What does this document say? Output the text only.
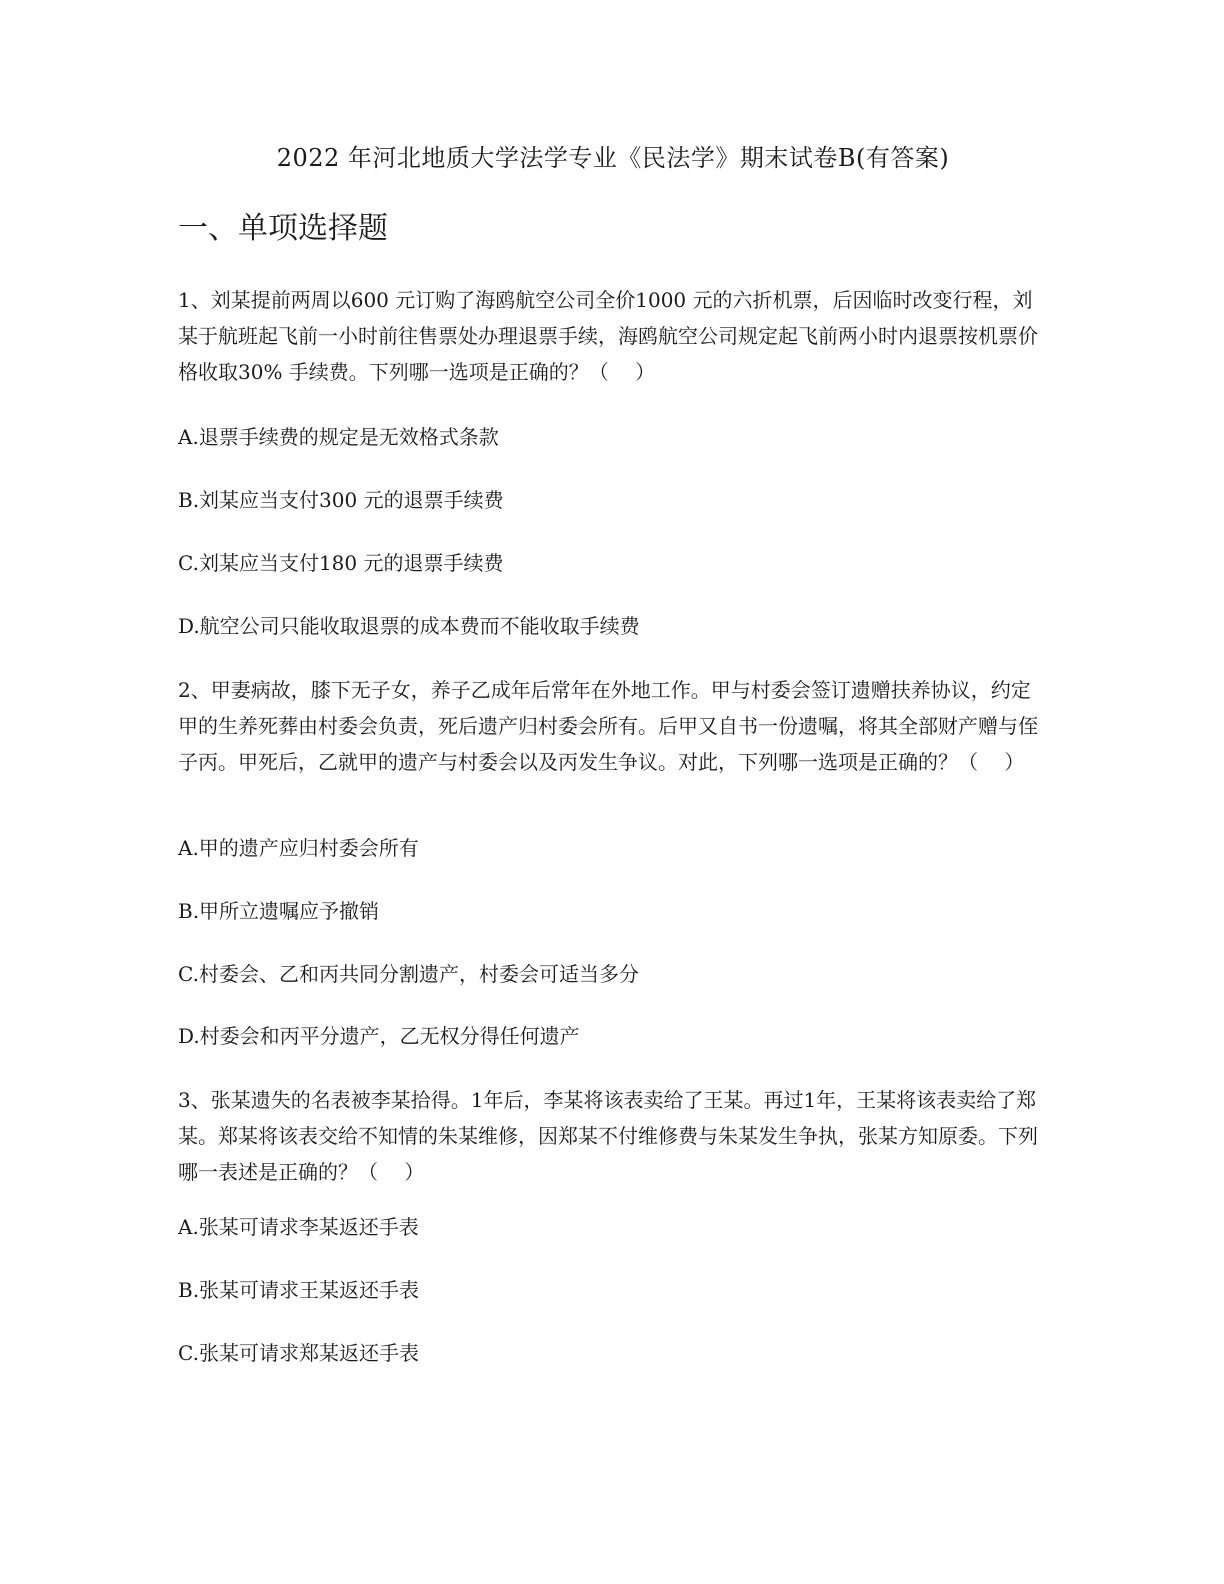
2022 年河北地质大学法学专业《民法学》期末试卷B(有答案)
一、单项选择题

1、刘某提前两周以600 元订购了海鸥航空公司全价1000 元的六折机票，后因临时改变行程，刘某于航班起飞前一小时前往售票处办理退票手续，海鸥航空公司规定起飞前两小时内退票按机票价格收取30% 手续费。下列哪一选项是正确的？（　 ）

A.退票手续费的规定是无效格式条款
B.刘某应当支付300 元的退票手续费
C.刘某应当支付180 元的退票手续费
D.航空公司只能收取退票的成本费而不能收取手续费

2、甲妻病故，膝下无子女，养子乙成年后常年在外地工作。甲与村委会签订遗赠扶养协议，约定甲的生养死葬由村委会负责，死后遗产归村委会所有。后甲又自书一份遗嘱，将其全部财产赠与侄子丙。甲死后，乙就甲的遗产与村委会以及丙发生争议。对此，下列哪一选项是正确的？（　 ）

A.甲的遗产应归村委会所有
B.甲所立遗嘱应予撤销
C.村委会、乙和丙共同分割遗产，村委会可适当多分
D.村委会和丙平分遗产，乙无权分得任何遗产

3、张某遗失的名表被李某拾得。1年后，李某将该表卖给了王某。再过1年，王某将该表卖给了郑某。郑某将该表交给不知情的朱某维修，因郑某不付维修费与朱某发生争执，张某方知原委。下列哪一表述是正确的？（　 ）

A.张某可请求李某返还手表
B.张某可请求王某返还手表
C.张某可请求郑某返还手表
